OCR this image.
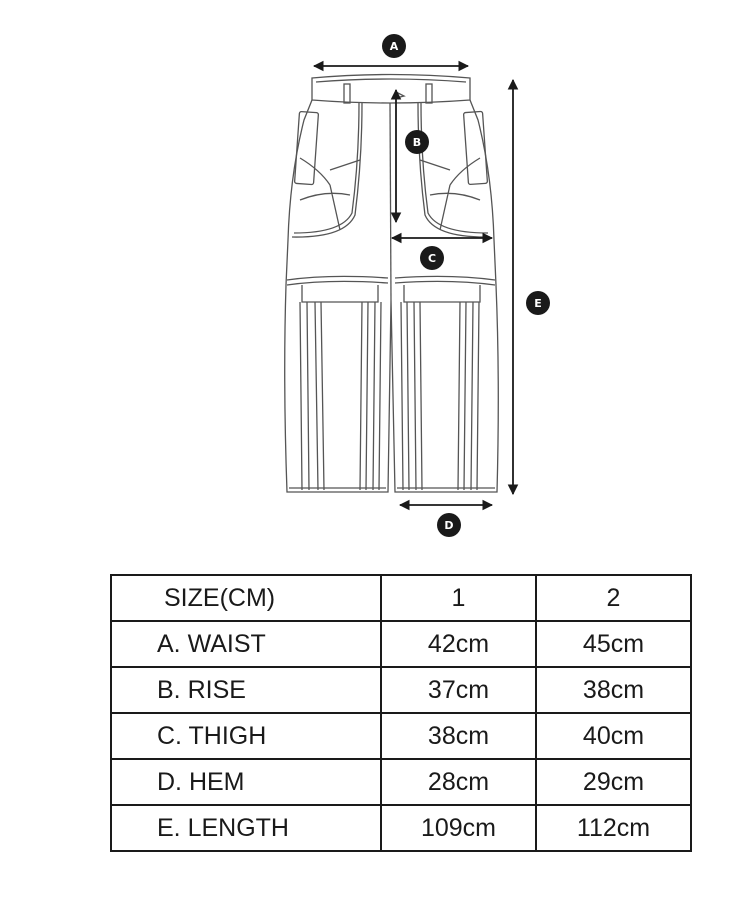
A
B
C
D
E
SIZE(CM)	1	2
A. WAIST	42cm	45cm
B. RISE	37cm	38cm
C. THIGH	38cm	40cm
D. HEM	28cm	29cm
E. LENGTH	109cm	112cm
